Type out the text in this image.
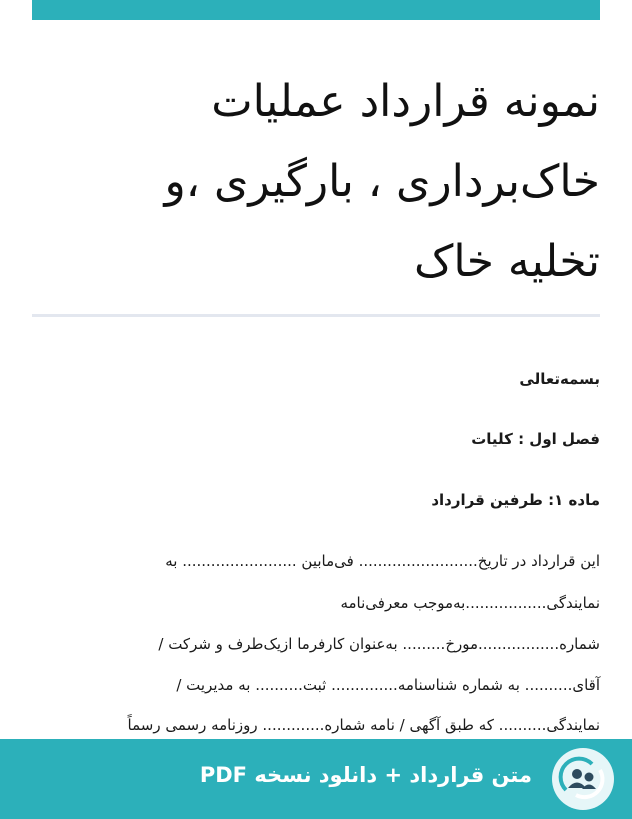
نمونه قرارداد عملیات
خاک‌برداری ، بارگیری ،و
تخلیه خاک
بسمه‌تعالی
فصل اول : کلیات
ماده ۱: طرفین قرارداد
این قرارداد در تاریخ......................... فی‌مابین ........................ به
نمایندگی.................به‌موجب معرفی‌نامه
شماره.................مورخ......... به‌عنوان کارفرما ازیک‌طرف و شرکت /
آقای.......... به شماره شناسنامه.............. ثبت.......... به مدیریت /
نمایندگی.......... که طبق آگهی / نامه شماره............. روزنامه رسمی رسماً
متن قرارداد + دانلود نسخه PDF
